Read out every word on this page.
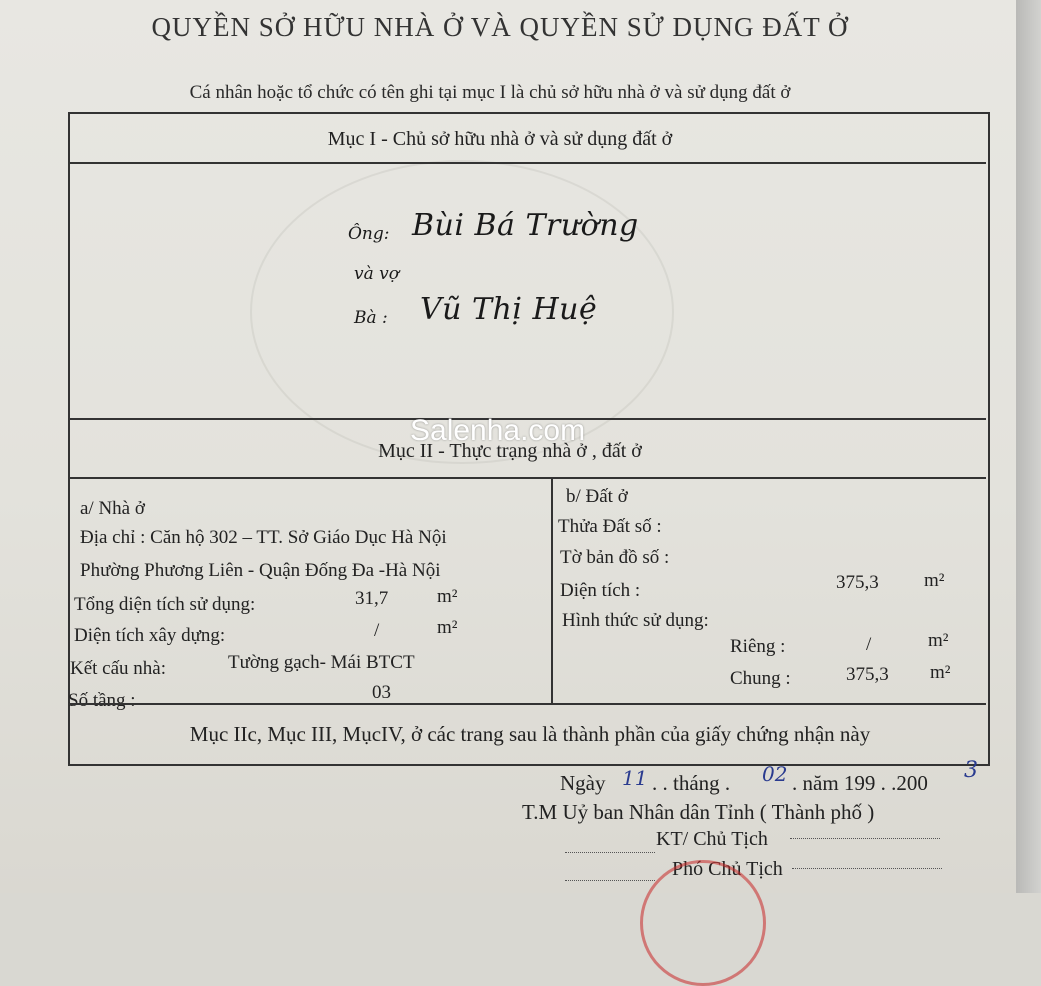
QUYỀN SỞ HỮU NHÀ Ở VÀ QUYỀN SỬ DỤNG ĐẤT Ở
Cá nhân hoặc tổ chức có tên ghi tại mục I là chủ sở hữu nhà ở và sử dụng đất ở
Mục I - Chủ sở hữu nhà ở và sử dụng đất ở
Ông: Bùi Bá Trường
và vợ
Bà : Vũ Thị Huệ
Mục II - Thực trạng nhà ở , đất ở
Salenha.com
a/ Nhà ở
Địa chỉ : Căn hộ 302 – TT. Sở Giáo Dục Hà Nội
Phường Phương Liên - Quận Đống Đa -Hà Nội
Tổng diện tích sử dụng:	31,7	m²
Diện tích xây dựng:	/	m²
Kết cấu nhà:	Tường gạch- Mái BTCT
Số tầng :	03
b/ Đất ở
Thửa Đất số :
Tờ bản đồ số :
Diện tích :	375,3 m²
Hình thức sử dụng:
Riêng :	/	m²
Chung :	375,3 m²
Mục IIc, Mục III, MụcIV, ở các trang sau là thành phần của giấy chứng nhận này
Ngày 11 . . tháng . 02 . năm 199 . .200 3
T.M Uỷ ban Nhân dân Tỉnh ( Thành phố )
KT/ Chủ Tịch
Phó Chủ Tịch
